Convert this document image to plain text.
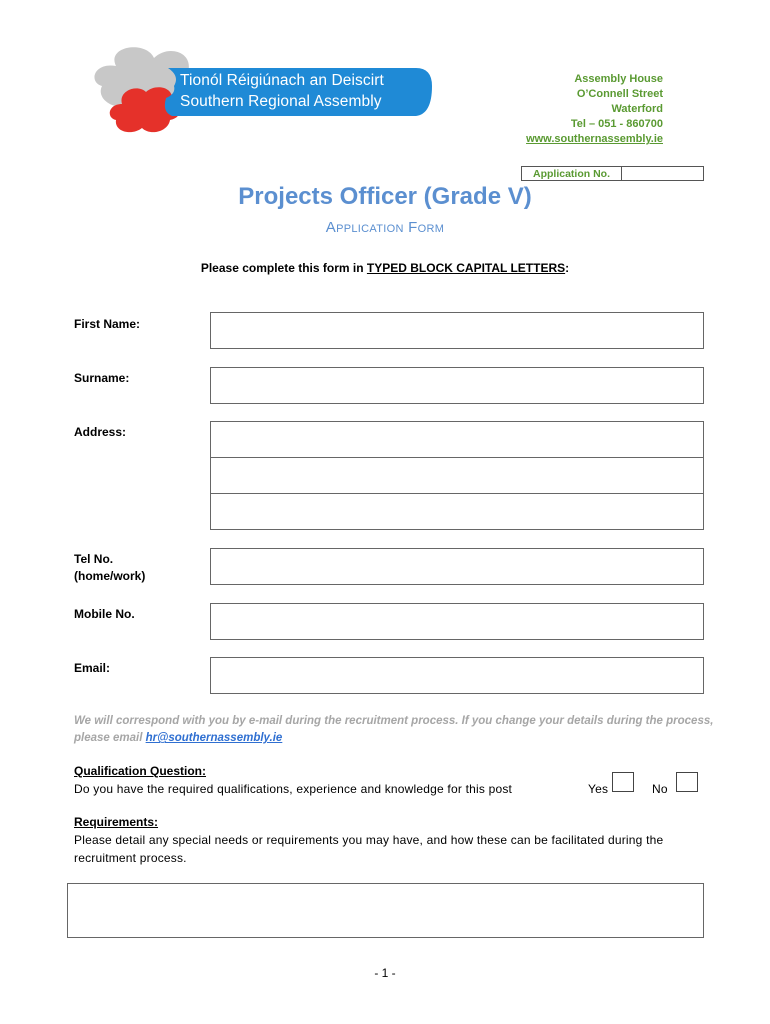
Tionól Réigiúnach an Deiscirt
Southern Regional Assembly
Assembly House
O’Connell Street
Waterford
Tel – 051 - 860700
www.southernassembly.ie
Application No.
Projects Officer (Grade V)
Application Form
Please complete this form in TYPED BLOCK CAPITAL LETTERS:
First Name:
Surname:
Address:
Tel No.
(home/work)
Mobile No.
Email:
We will correspond with you by e-mail during the recruitment process. If you change your details during the process, please email hr@southernassembly.ie
Qualification Question:
Do you have the required qualifications, experience and knowledge for this post	Yes	No
Requirements:
Please detail any special needs or requirements you may have, and how these can be facilitated during the recruitment process.
- 1 -
